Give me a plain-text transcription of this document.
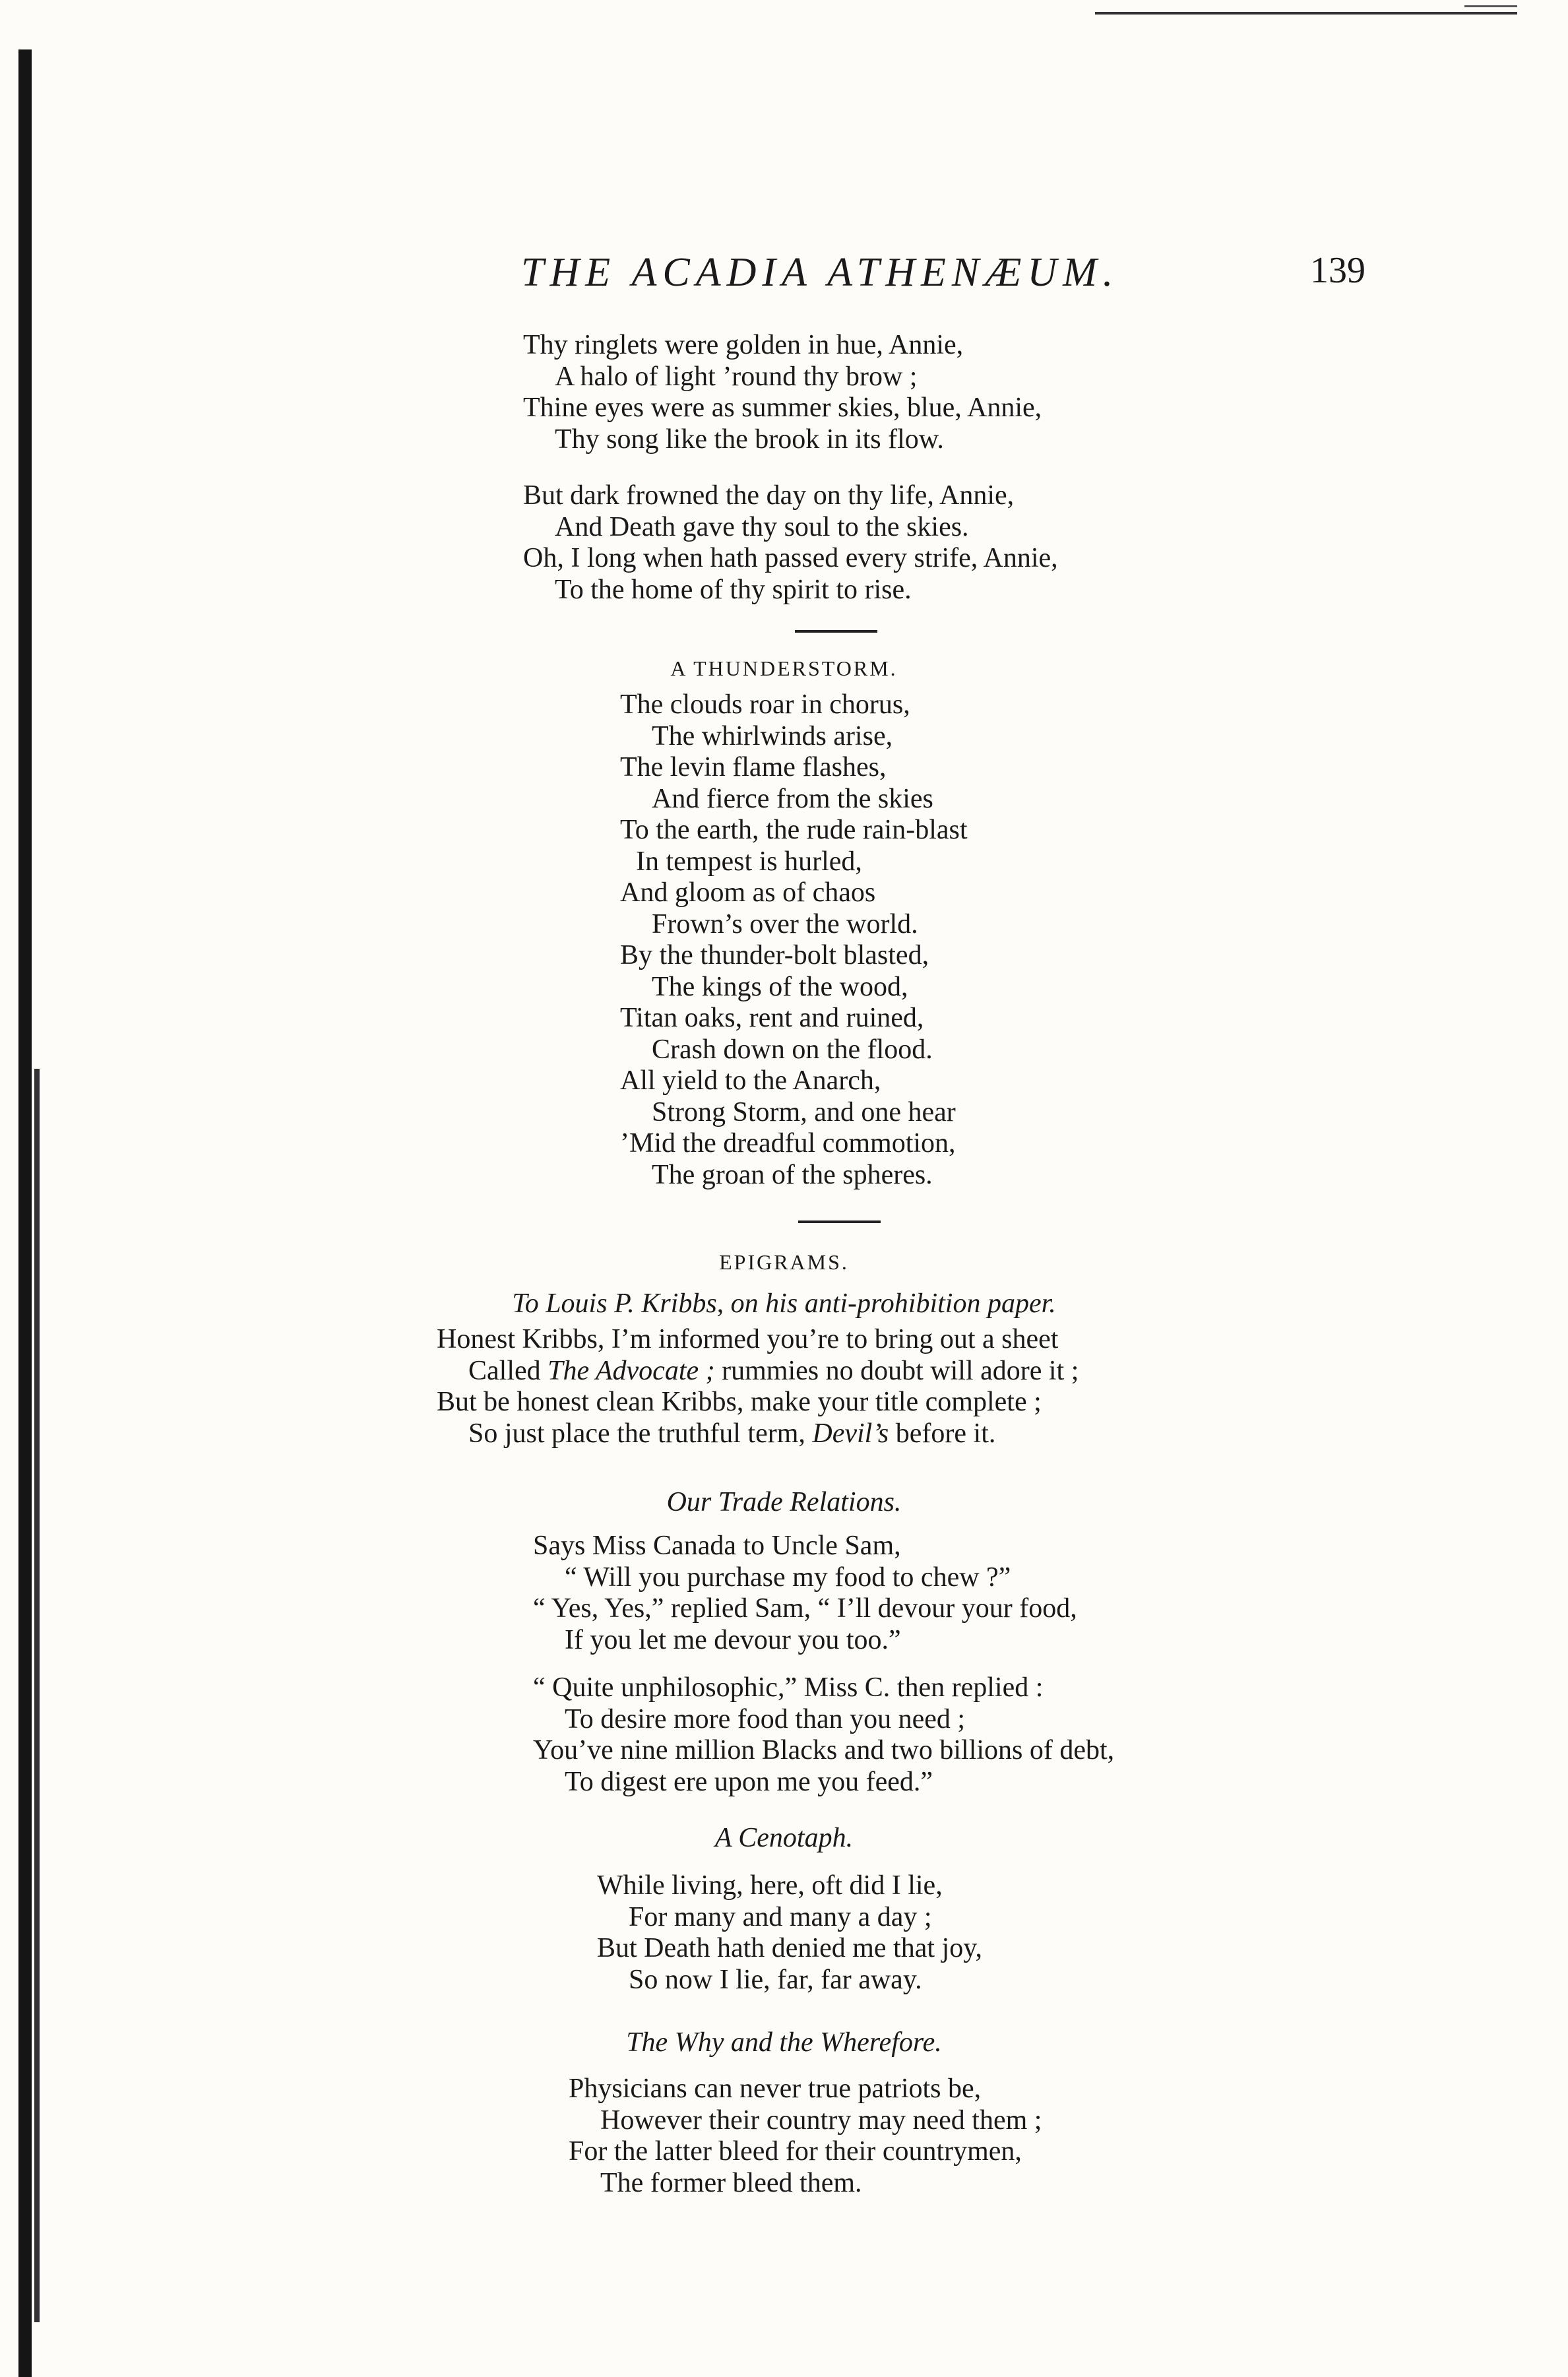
THE ACADIA ATHENÆUM.	139
Thy ringlets were golden in hue, Annie,
A halo of light ’round thy brow ;
Thine eyes were as summer skies, blue, Annie,
Thy song like the brook in its flow.
But dark frowned the day on thy life, Annie,
And Death gave thy soul to the skies.
Oh, I long when hath passed every strife, Annie,
To the home of thy spirit to rise.
A THUNDERSTORM.
The clouds roar in chorus,
The whirlwinds arise,
The levin flame flashes,
And fierce from the skies
To the earth, the rude rain-blast
In tempest is hurled,
And gloom as of chaos
Frown’s over the world.
By the thunder-bolt blasted,
The kings of the wood,
Titan oaks, rent and ruined,
Crash down on the flood.
All yield to the Anarch,
Strong Storm, and one hear
’Mid the dreadful commotion,
The groan of the spheres.
EPIGRAMS.
To Louis P. Kribbs, on his anti-prohibition paper.
Honest Kribbs, I’m informed you’re to bring out a sheet
Called The Advocate ; rummies no doubt will adore it ;
But be honest clean Kribbs, make your title complete ;
So just place the truthful term, Devil’s before it.
Our Trade Relations.
Says Miss Canada to Uncle Sam,
“ Will you purchase my food to chew ?”
“ Yes, Yes,” replied Sam, “ I’ll devour your food,
If you let me devour you too.”
“ Quite unphilosophic,” Miss C. then replied :
To desire more food than you need ;
You’ve nine million Blacks and two billions of debt,
To digest ere upon me you feed.”
A Cenotaph.
While living, here, oft did I lie,
For many and many a day ;
But Death hath denied me that joy,
So now I lie, far, far away.
The Why and the Wherefore.
Physicians can never true patriots be,
However their country may need them ;
For the latter bleed for their countrymen,
The former bleed them.
